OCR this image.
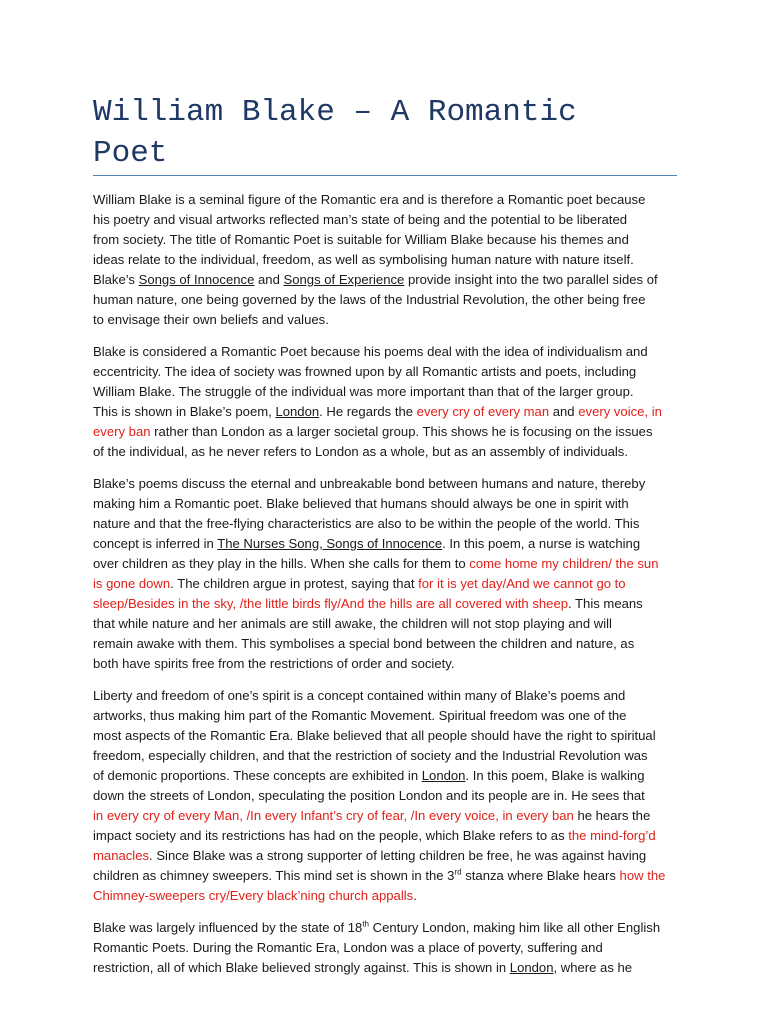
William Blake – A Romantic
Poet

William Blake is a seminal figure of the Romantic era and is therefore a Romantic poet because
his poetry and visual artworks reflected man’s state of being and the potential to be liberated
from society. The title of Romantic Poet is suitable for William Blake because his themes and
ideas relate to the individual, freedom, as well as symbolising human nature with nature itself.
Blake’s Songs of Innocence and Songs of Experience provide insight into the two parallel sides of
human nature, one being governed by the laws of the Industrial Revolution, the other being free
to envisage their own beliefs and values.

Blake is considered a Romantic Poet because his poems deal with the idea of individualism and
eccentricity. The idea of society was frowned upon by all Romantic artists and poets, including
William Blake. The struggle of the individual was more important than that of the larger group.
This is shown in Blake’s poem, London. He regards the every cry of every man and every voice, in
every ban rather than London as a larger societal group. This shows he is focusing on the issues
of the individual, as he never refers to London as a whole, but as an assembly of individuals.

Blake’s poems discuss the eternal and unbreakable bond between humans and nature, thereby
making him a Romantic poet. Blake believed that humans should always be one in spirit with
nature and that the free-flying characteristics are also to be within the people of the world. This
concept is inferred in The Nurses Song, Songs of Innocence. In this poem, a nurse is watching
over children as they play in the hills. When she calls for them to come home my children/ the sun
is gone down. The children argue in protest, saying that for it is yet day/And we cannot go to
sleep/Besides in the sky, /the little birds fly/And the hills are all covered with sheep. This means
that while nature and her animals are still awake, the children will not stop playing and will
remain awake with them. This symbolises a special bond between the children and nature, as
both have spirits free from the restrictions of order and society.

Liberty and freedom of one’s spirit is a concept contained within many of Blake’s poems and
artworks, thus making him part of the Romantic Movement. Spiritual freedom was one of the
most aspects of the Romantic Era. Blake believed that all people should have the right to spiritual
freedom, especially children, and that the restriction of society and the Industrial Revolution was
of demonic proportions. These concepts are exhibited in London. In this poem, Blake is walking
down the streets of London, speculating the position London and its people are in. He sees that
in every cry of every Man, /In every Infant’s cry of fear, /In every voice, in every ban he hears the
impact society and its restrictions has had on the people, which Blake refers to as the mind-forg’d
manacles. Since Blake was a strong supporter of letting children be free, he was against having
children as chimney sweepers. This mind set is shown in the 3rd stanza where Blake hears how the
Chimney-sweepers cry/Every black’ning church appalls.

Blake was largely influenced by the state of 18th Century London, making him like all other English
Romantic Poets. During the Romantic Era, London was a place of poverty, suffering and
restriction, all of which Blake believed strongly against. This is shown in London, where as he
